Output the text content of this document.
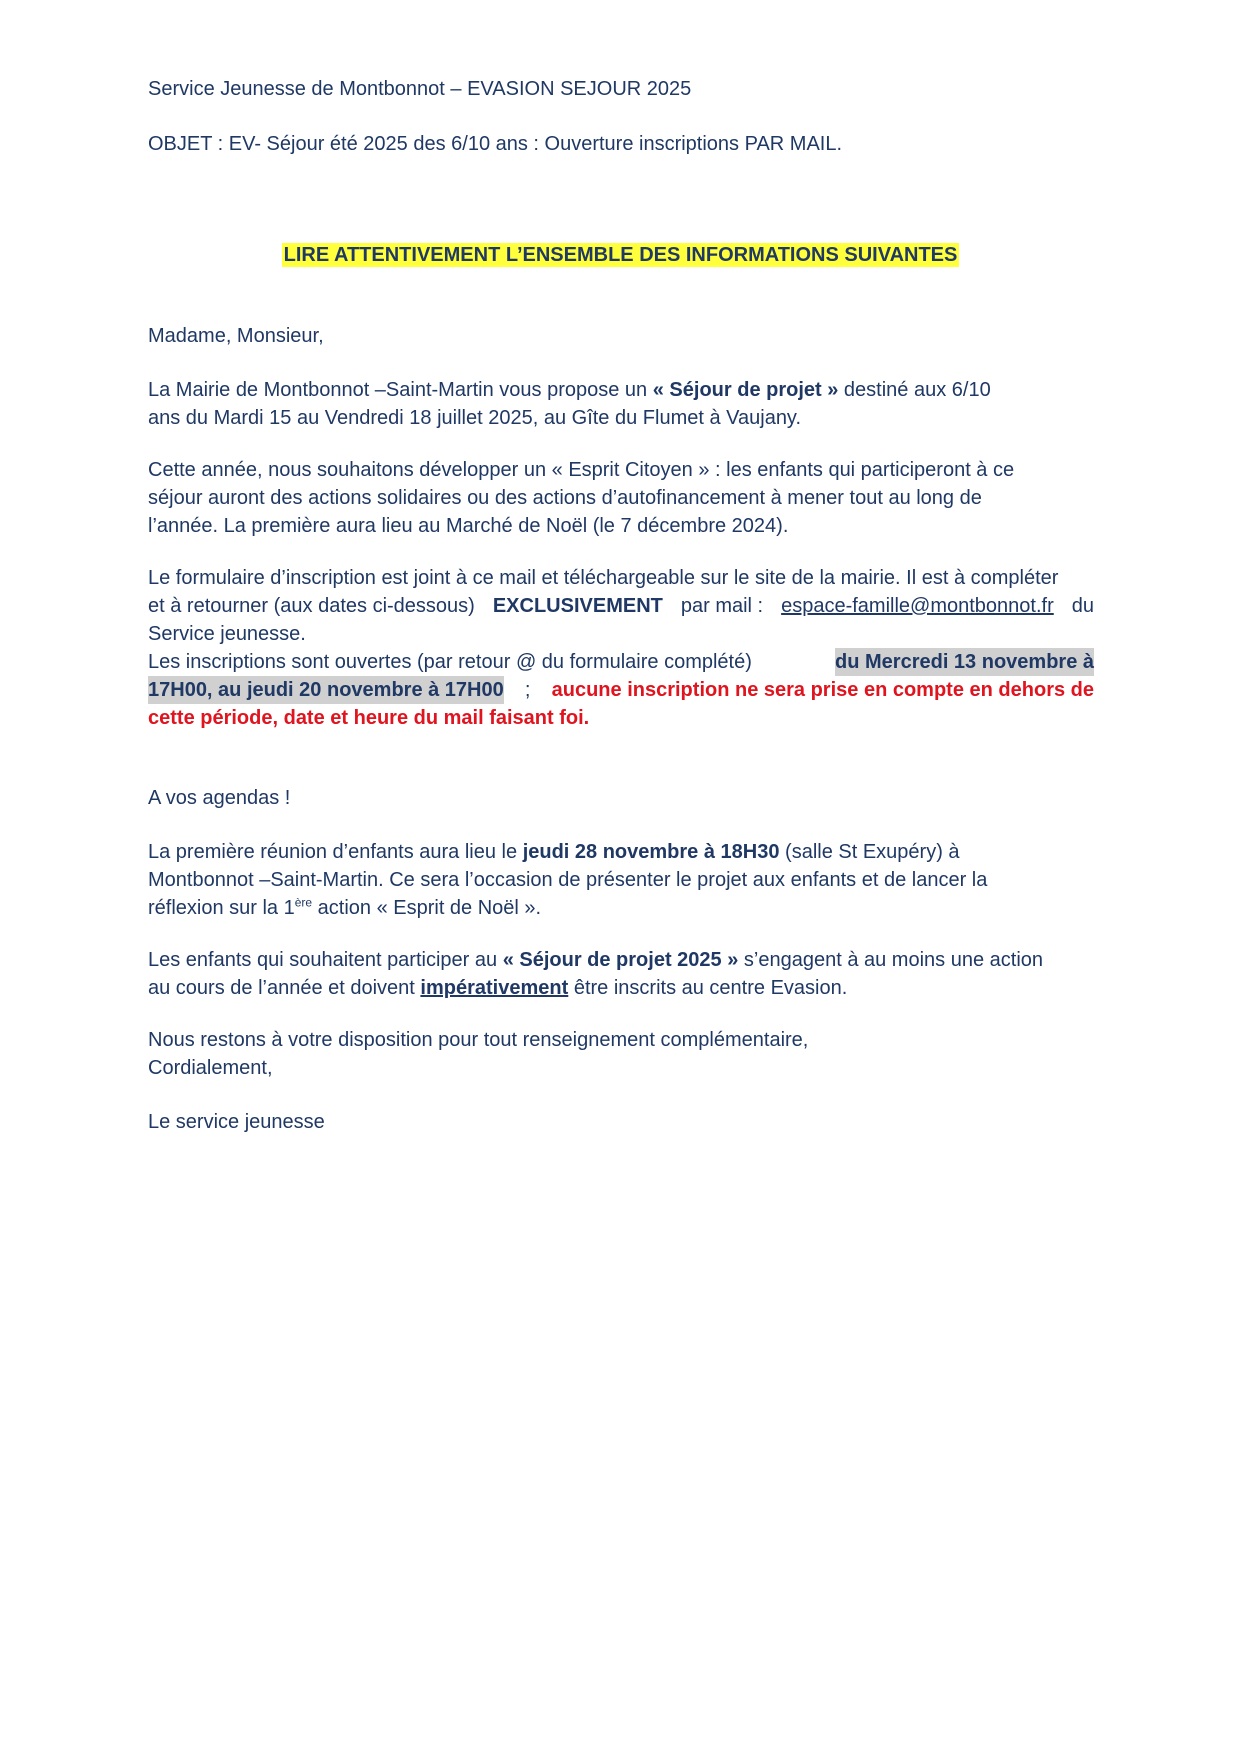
Service Jeunesse de Montbonnot – EVASION SEJOUR 2025

OBJET : EV- Séjour été 2025 des 6/10 ans : Ouverture inscriptions PAR MAIL.

LIRE ATTENTIVEMENT L’ENSEMBLE DES INFORMATIONS SUIVANTES

Madame, Monsieur,

La Mairie de Montbonnot –Saint-Martin vous propose un « Séjour de projet » destiné aux 6/10
ans du Mardi 15 au Vendredi 18 juillet 2025, au Gîte du Flumet à Vaujany.
Cette année, nous souhaitons développer un « Esprit Citoyen » : les enfants qui participeront à ce
séjour auront des actions solidaires ou des actions d’autofinancement à mener tout au long de
l’année. La première aura lieu au Marché de Noël (le 7 décembre 2024).
Le formulaire d’inscription est joint à ce mail et téléchargeable sur le site de la mairie. Il est à compléter
et à retourner (aux dates ci-dessous) EXCLUSIVEMENT par mail : espace-famille@montbonnot.fr du
Service jeunesse.
Les inscriptions sont ouvertes (par retour @ du formulaire complété)	du Mercredi 13 novembre à
17H00, au jeudi 20 novembre à 17H00 ; aucune inscription ne sera prise en compte en dehors de
cette période, date et heure du mail faisant foi.

A vos agendas !

La première réunion d’enfants aura lieu le jeudi 28 novembre à 18H30 (salle St Exupéry) à
Montbonnot –Saint-Martin. Ce sera l’occasion de présenter le projet aux enfants et de lancer la
réflexion sur la 1ère action « Esprit de Noël ».
Les enfants qui souhaitent participer au « Séjour de projet 2025 » s’engagent à au moins une action
au cours de l’année et doivent impérativement être inscrits au centre Evasion.
Nous restons à votre disposition pour tout renseignement complémentaire,
Cordialement,

Le service jeunesse
